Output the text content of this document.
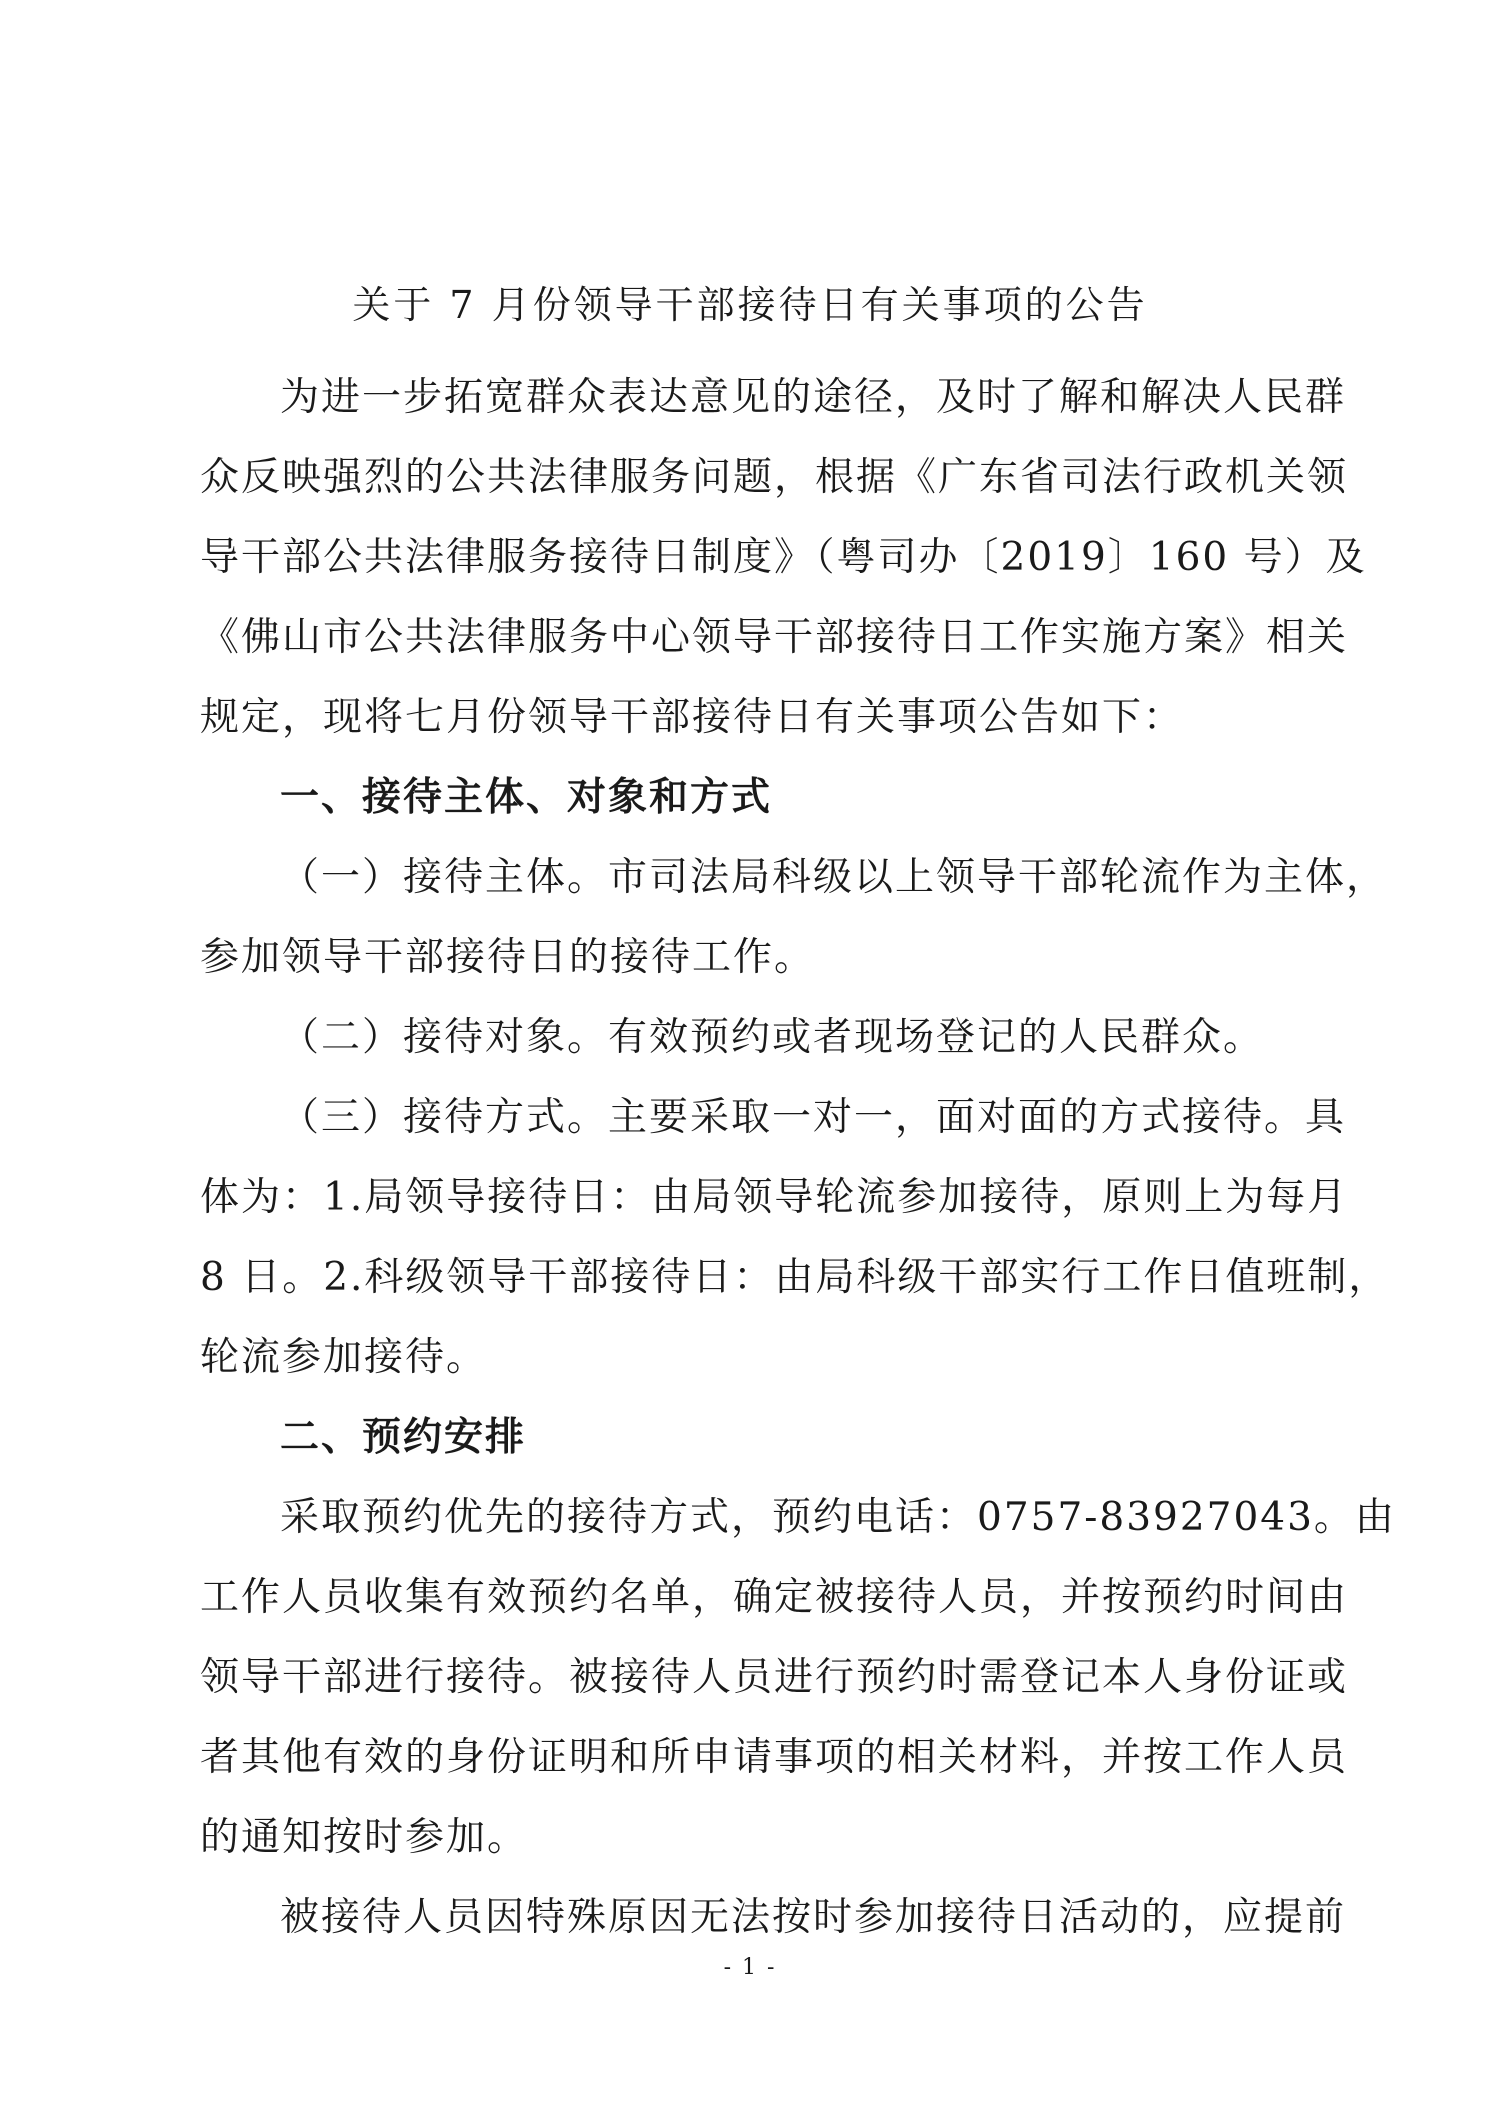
关于 7 月份领导干部接待日有关事项的公告
为进一步拓宽群众表达意见的途径，及时了解和解决人民群
众反映强烈的公共法律服务问题，根据《广东省司法行政机关领
导干部公共法律服务接待日制度》（粤司办〔2019〕160 号）及
《佛山市公共法律服务中心领导干部接待日工作实施方案》相关
规定，现将七月份领导干部接待日有关事项公告如下：
一、接待主体、对象和方式
（一）接待主体。市司法局科级以上领导干部轮流作为主体，
参加领导干部接待日的接待工作。
（二）接待对象。有效预约或者现场登记的人民群众。
（三）接待方式。主要采取一对一，面对面的方式接待。具
体为：1.局领导接待日：由局领导轮流参加接待，原则上为每月
8 日。2.科级领导干部接待日：由局科级干部实行工作日值班制，
轮流参加接待。
二、预约安排
采取预约优先的接待方式，预约电话：0757-83927043。由
工作人员收集有效预约名单，确定被接待人员，并按预约时间由
领导干部进行接待。被接待人员进行预约时需登记本人身份证或
者其他有效的身份证明和所申请事项的相关材料，并按工作人员
的通知按时参加。
被接待人员因特殊原因无法按时参加接待日活动的，应提前
- 1 -
